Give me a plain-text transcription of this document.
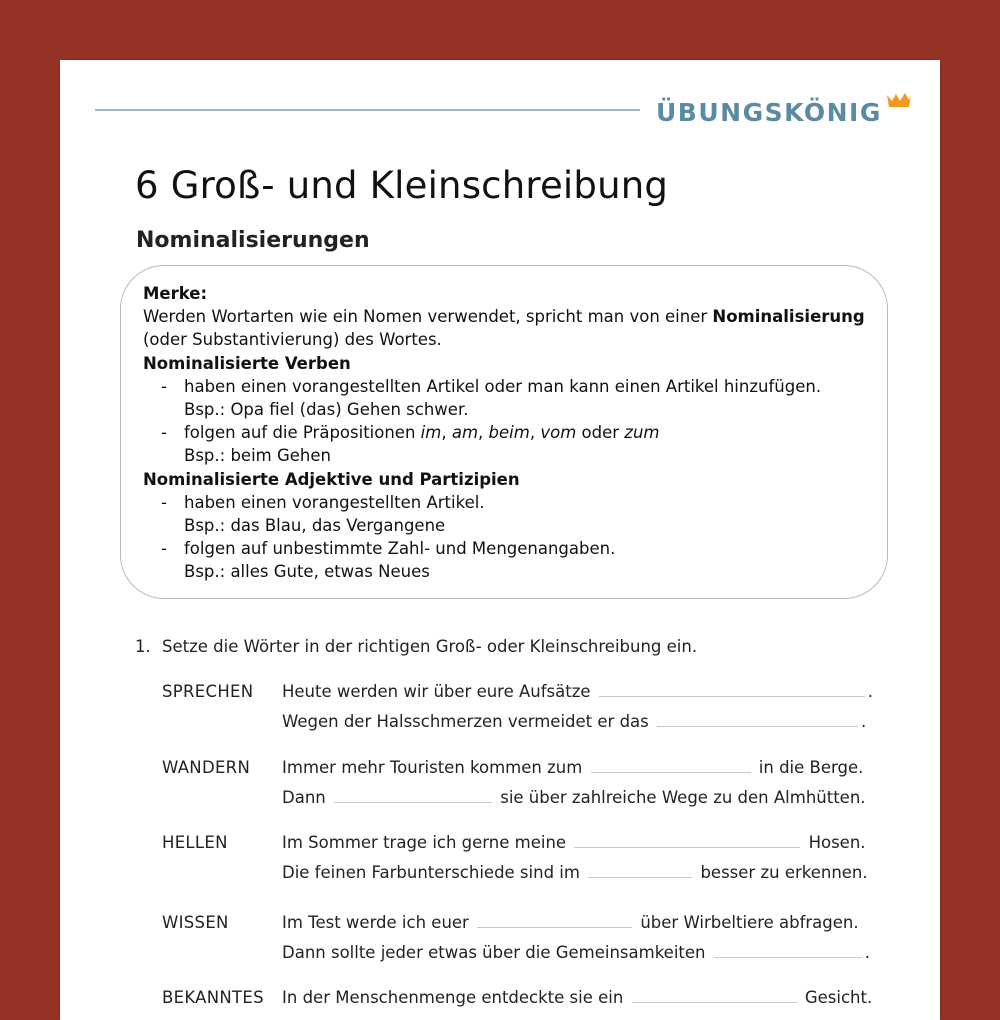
ÜBUNGSKÖNIG
6 Groß- und Kleinschreibung
Nominalisierungen
Merke:
Werden Wortarten wie ein Nomen verwendet, spricht man von einer Nominalisierung
(oder Substantivierung) des Wortes.
Nominalisierte Verben
- haben einen vorangestellten Artikel oder man kann einen Artikel hinzufügen.
Bsp.: Opa fiel (das) Gehen schwer.
- folgen auf die Präpositionen im, am, beim, vom oder zum
Bsp.: beim Gehen
Nominalisierte Adjektive und Partizipien
- haben einen vorangestellten Artikel.
Bsp.: das Blau, das Vergangene
- folgen auf unbestimmte Zahl- und Mengenangaben.
Bsp.: alles Gute, etwas Neues
1. Setze die Wörter in der richtigen Groß- oder Kleinschreibung ein.
SPRECHEN Heute werden wir über eure Aufsätze	.
Wegen der Halsschmerzen vermeidet er das	.
WANDERN Immer mehr Touristen kommen zum	in die Berge.
Dann	sie über zahlreiche Wege zu den Almhütten.
HELLEN	Im Sommer trage ich gerne meine	Hosen.
Die feinen Farbunterschiede sind im	besser zu erkennen.
WISSEN	Im Test werde ich euer	über Wirbeltiere abfragen.
Dann sollte jeder etwas über die Gemeinsamkeiten	.
BEKANNTES In der Menschenmenge entdeckte sie ein	Gesicht.
